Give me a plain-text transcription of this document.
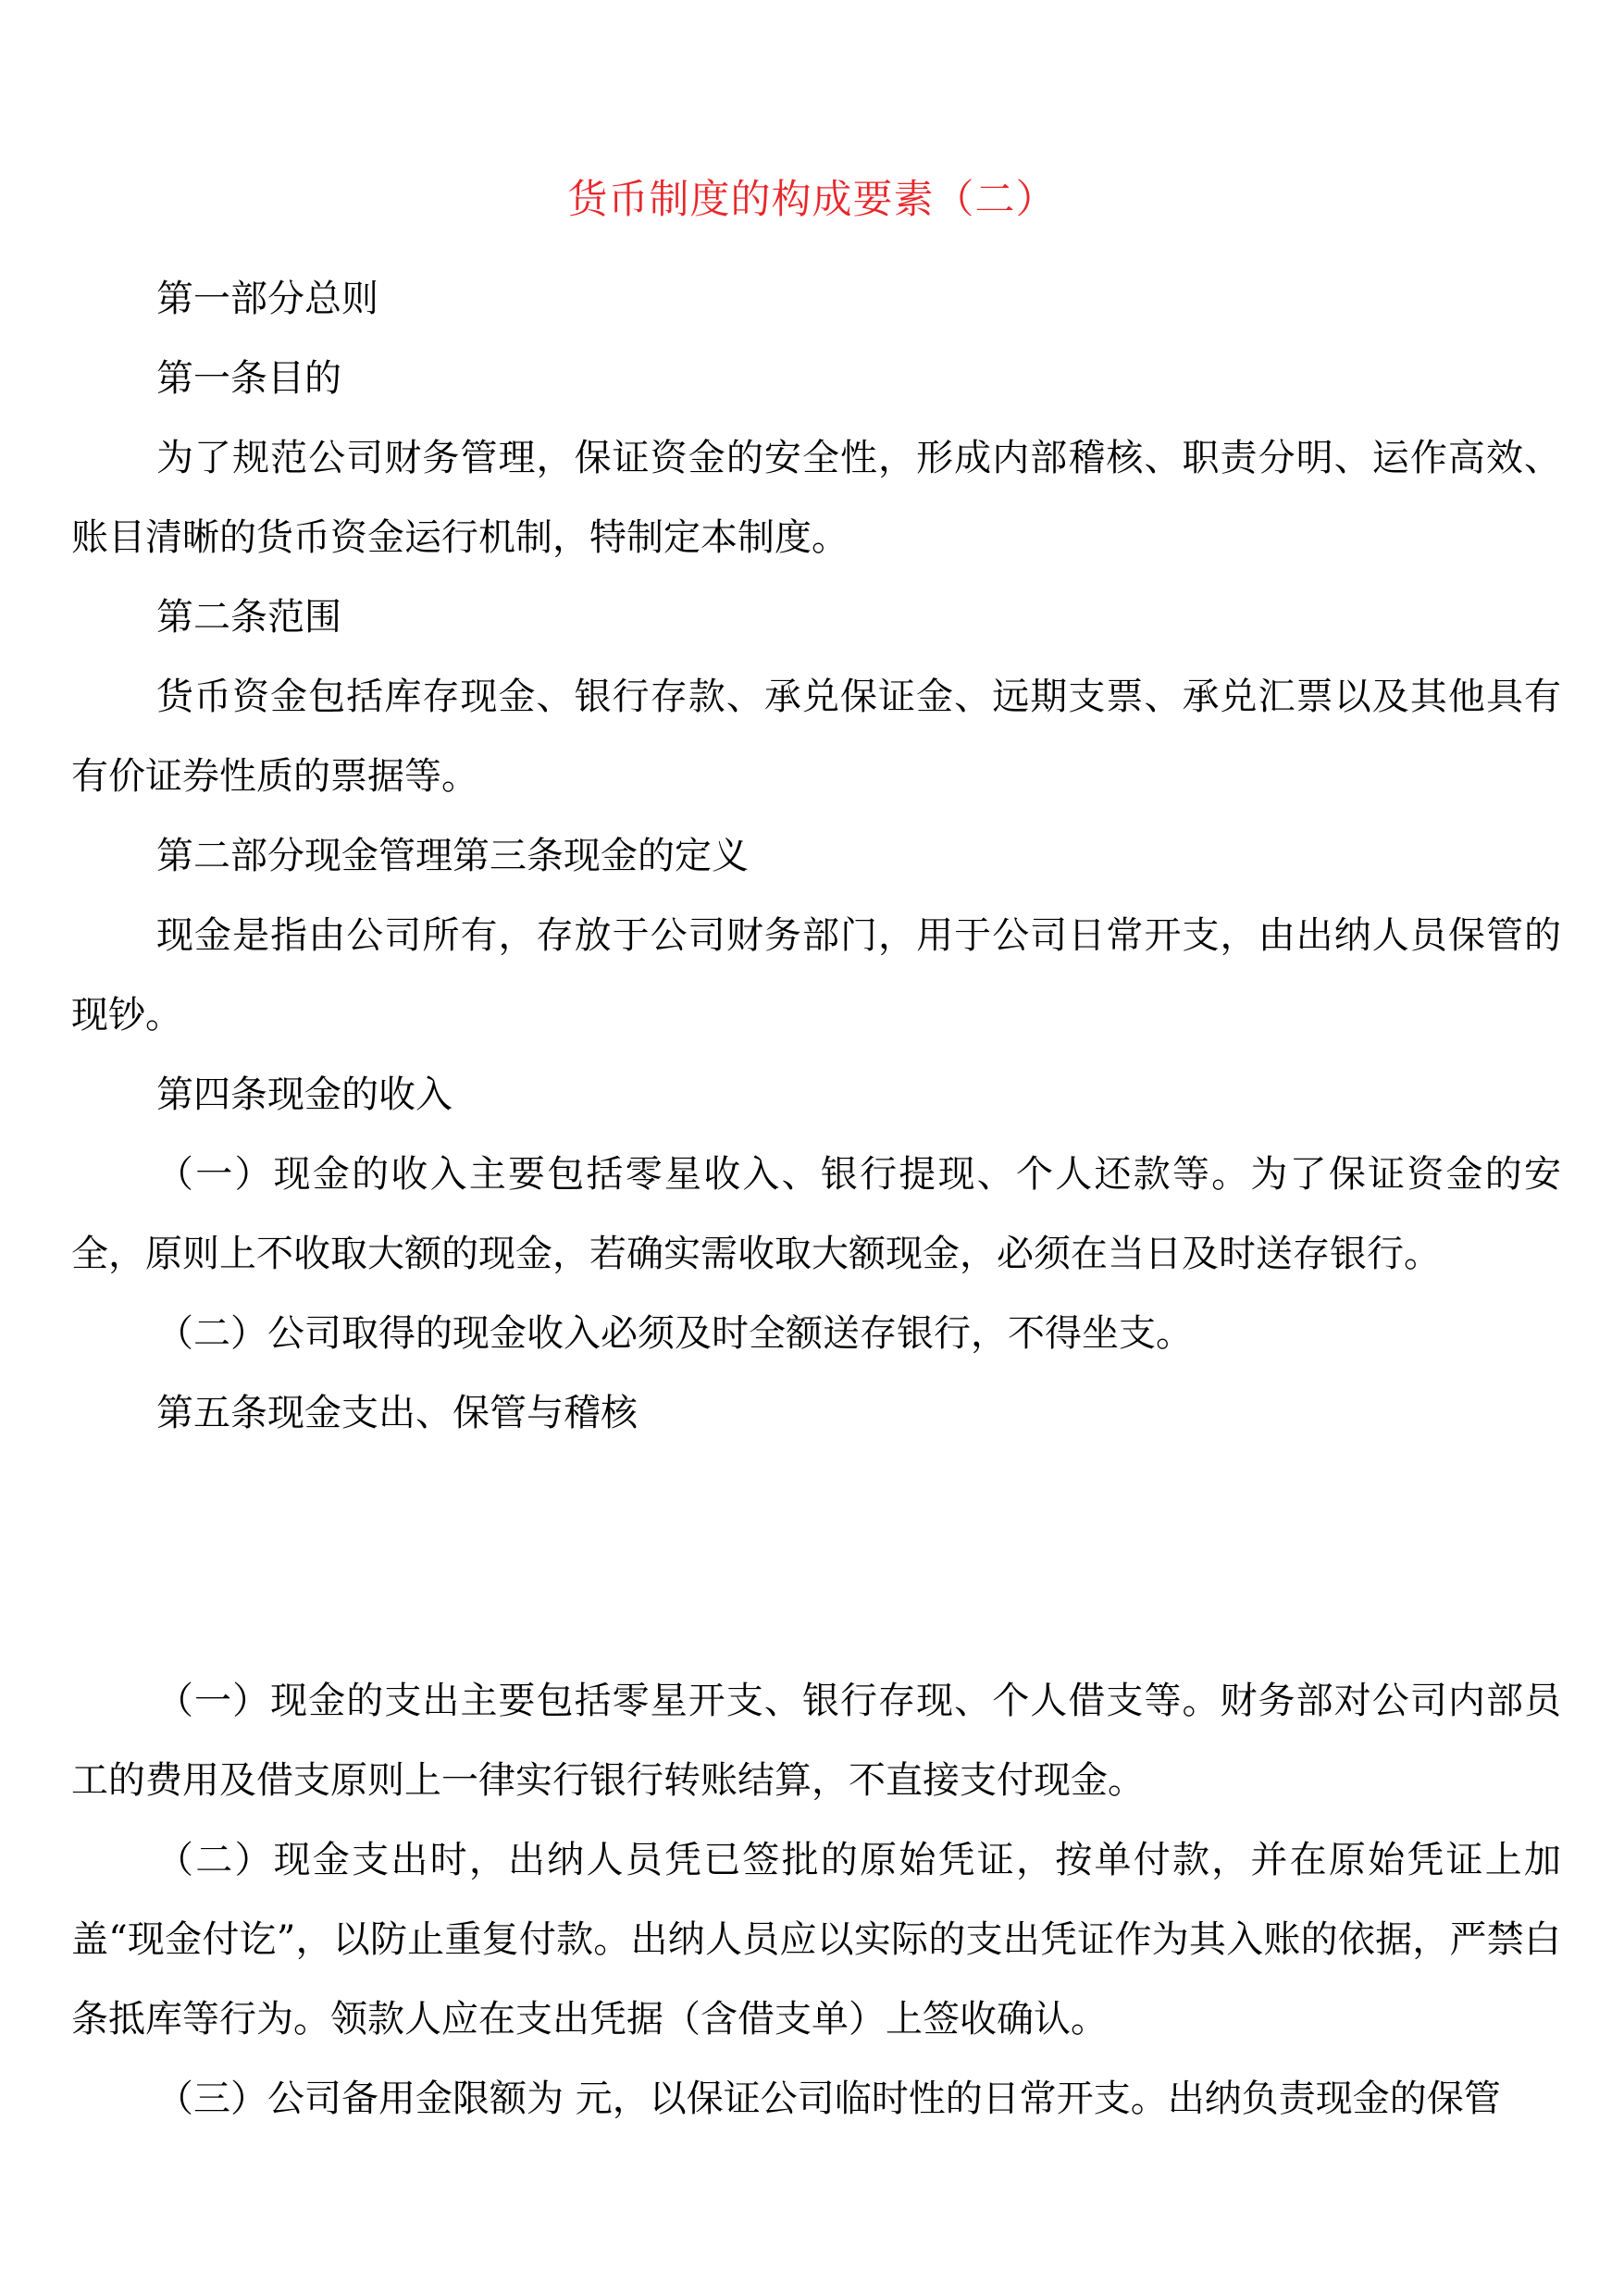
货币制度的构成要素（二）

第一部分总则

第一条目的

为了规范公司财务管理，保证资金的安全性，形成内部稽核、职责分明、运作高效、账目清晰的货币资金运行机制，特制定本制度。

第二条范围

货币资金包括库存现金、银行存款、承兑保证金、远期支票、承兑汇票以及其他具有有价证券性质的票据等。

第二部分现金管理第三条现金的定义

现金是指由公司所有，存放于公司财务部门，用于公司日常开支，由出纳人员保管的现钞。

第四条现金的收入

（一）现金的收入主要包括零星收入、银行提现、个人还款等。为了保证资金的安全，原则上不收取大额的现金，若确实需收取大额现金，必须在当日及时送存银行。

（二）公司取得的现金收入必须及时全额送存银行，不得坐支。

第五条现金支出、保管与稽核

（一）现金的支出主要包括零星开支、银行存现、个人借支等。财务部对公司内部员工的费用及借支原则上一律实行银行转账结算，不直接支付现金。

（二）现金支出时，出纳人员凭已签批的原始凭证，按单付款，并在原始凭证上加盖“现金付讫”，以防止重复付款。出纳人员应以实际的支出凭证作为其入账的依据，严禁白条抵库等行为。领款人应在支出凭据（含借支单）上签收确认。

（三）公司备用金限额为 元，以保证公司临时性的日常开支。出纳负责现金的保管
